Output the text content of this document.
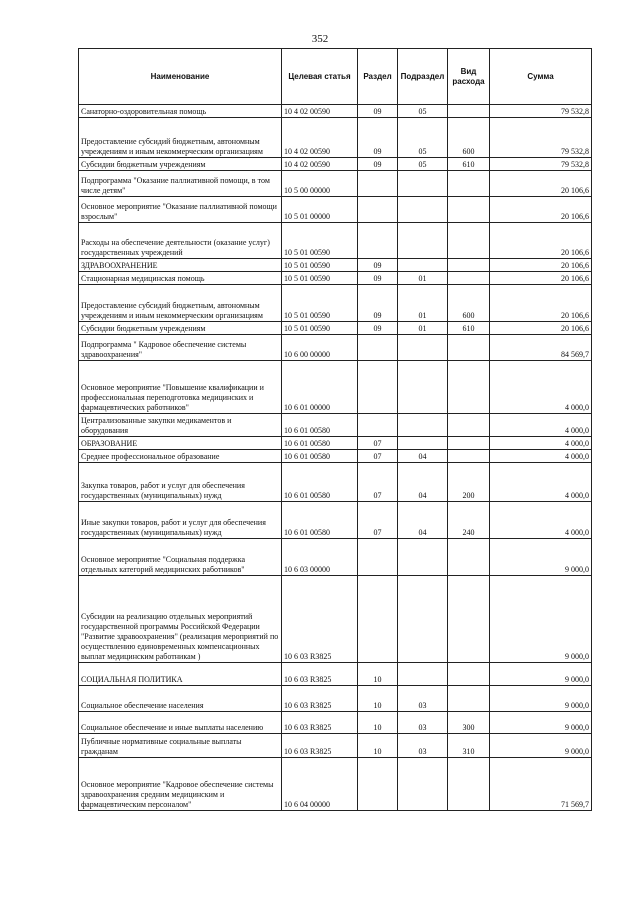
352
Наименование	Целевая статья	Раздел	Подраздел	Вид расхода	Сумма
Санаторно-оздоровительная помощь	10 4 02 00590	09	05		79 532,8
Предоставление субсидий бюджетным, автономным учреждениям и иным некоммерческим организациям	10 4 02 00590	09	05	600	79 532,8
Субсидии бюджетным учреждениям	10 4 02 00590	09	05	610	79 532,8
Подпрограмма "Оказание паллиативной помощи, в том числе детям"	10 5 00 00000				20 106,6
Основное мероприятие "Оказание паллиативной помощи взрослым"	10 5 01 00000				20 106,6
Расходы на обеспечение деятельности (оказание услуг) государственных учреждений	10 5 01 00590				20 106,6
ЗДРАВООХРАНЕНИЕ	10 5 01 00590	09			20 106,6
Стационарная медицинская помощь	10 5 01 00590	09	01		20 106,6
Предоставление субсидий бюджетным, автономным учреждениям и иным некоммерческим организациям	10 5 01 00590	09	01	600	20 106,6
Субсидии бюджетным учреждениям	10 5 01 00590	09	01	610	20 106,6
Подпрограмма " Кадровое обеспечение системы здравоохранения"	10 6 00 00000				84 569,7
Основное мероприятие "Повышение квалификации и профессиональная переподготовка медицинских и фармацевтических работников"	10 6 01 00000				4 000,0
Централизованные закупки медикаментов и оборудования	10 6 01 00580				4 000,0
ОБРАЗОВАНИЕ	10 6 01 00580	07			4 000,0
Среднее профессиональное образование	10 6 01 00580	07	04		4 000,0
Закупка товаров, работ и услуг для обеспечения государственных (муниципальных) нужд	10 6 01 00580	07	04	200	4 000,0
Иные закупки товаров, работ и услуг для обеспечения государственных (муниципальных) нужд	10 6 01 00580	07	04	240	4 000,0
Основное мероприятие "Социальная поддержка отдельных категорий медицинских работников"	10 6 03 00000				9 000,0
Субсидии на реализацию отдельных мероприятий государственной программы Российской Федерации "Развитие здравоохранения" (реализация мероприятий по осуществлению единовременных компенсационных выплат медицинским работникам )	10 6 03 R3825				9 000,0
СОЦИАЛЬНАЯ ПОЛИТИКА	10 6 03 R3825	10			9 000,0
Социальное обеспечение населения	10 6 03 R3825	10	03		9 000,0
Социальное обеспечение и иные выплаты населению	10 6 03 R3825	10	03	300	9 000,0
Публичные нормативные социальные выплаты гражданам	10 6 03 R3825	10	03	310	9 000,0
Основное мероприятие "Кадровое обеспечение системы здравоохранения средним медицинским и фармацевтическим персоналом"	10 6 04 00000				71 569,7
